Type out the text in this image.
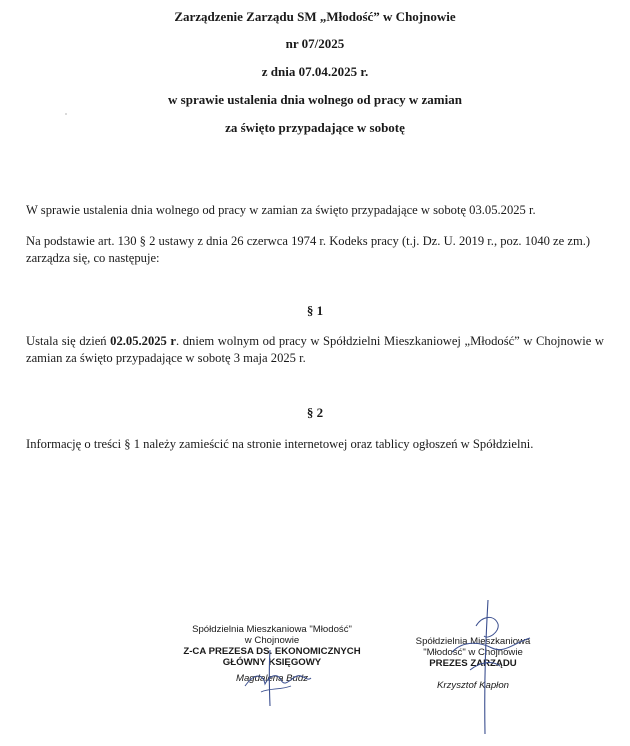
Zarządzenie Zarządu SM „Młodość” w Chojnowie
nr 07/2025
z dnia 07.04.2025 r.
w sprawie ustalenia dnia wolnego od pracy w zamian
za święto przypadające w sobotę
W sprawie ustalenia dnia wolnego od pracy w zamian za święto przypadające w sobotę 03.05.2025 r.
Na podstawie art. 130 § 2 ustawy z dnia 26 czerwca 1974 r. Kodeks pracy (t.j. Dz. U. 2019 r., poz. 1040 ze zm.) zarządza się, co następuje:
§ 1
Ustala się dzień 02.05.2025 r. dniem wolnym od pracy w Spółdzielni Mieszkaniowej „Młodość” w Chojnowie w zamian za święto przypadające w sobotę 3 maja 2025 r.
§ 2
Informację o treści § 1 należy zamieścić na stronie internetowej oraz tablicy ogłoszeń w Spółdzielni.
Spółdzielnia Mieszkaniowa "Młodość"
w Chojnowie
Z-CA PREZESA DS. EKONOMICZNYCH
GŁÓWNY KSIĘGOWY
Magdalena Budz
Spółdzielnia Mieszkaniowa
"Młodość" w Chojnowie
PREZES ZARZĄDU
Krzysztof Kapłon
